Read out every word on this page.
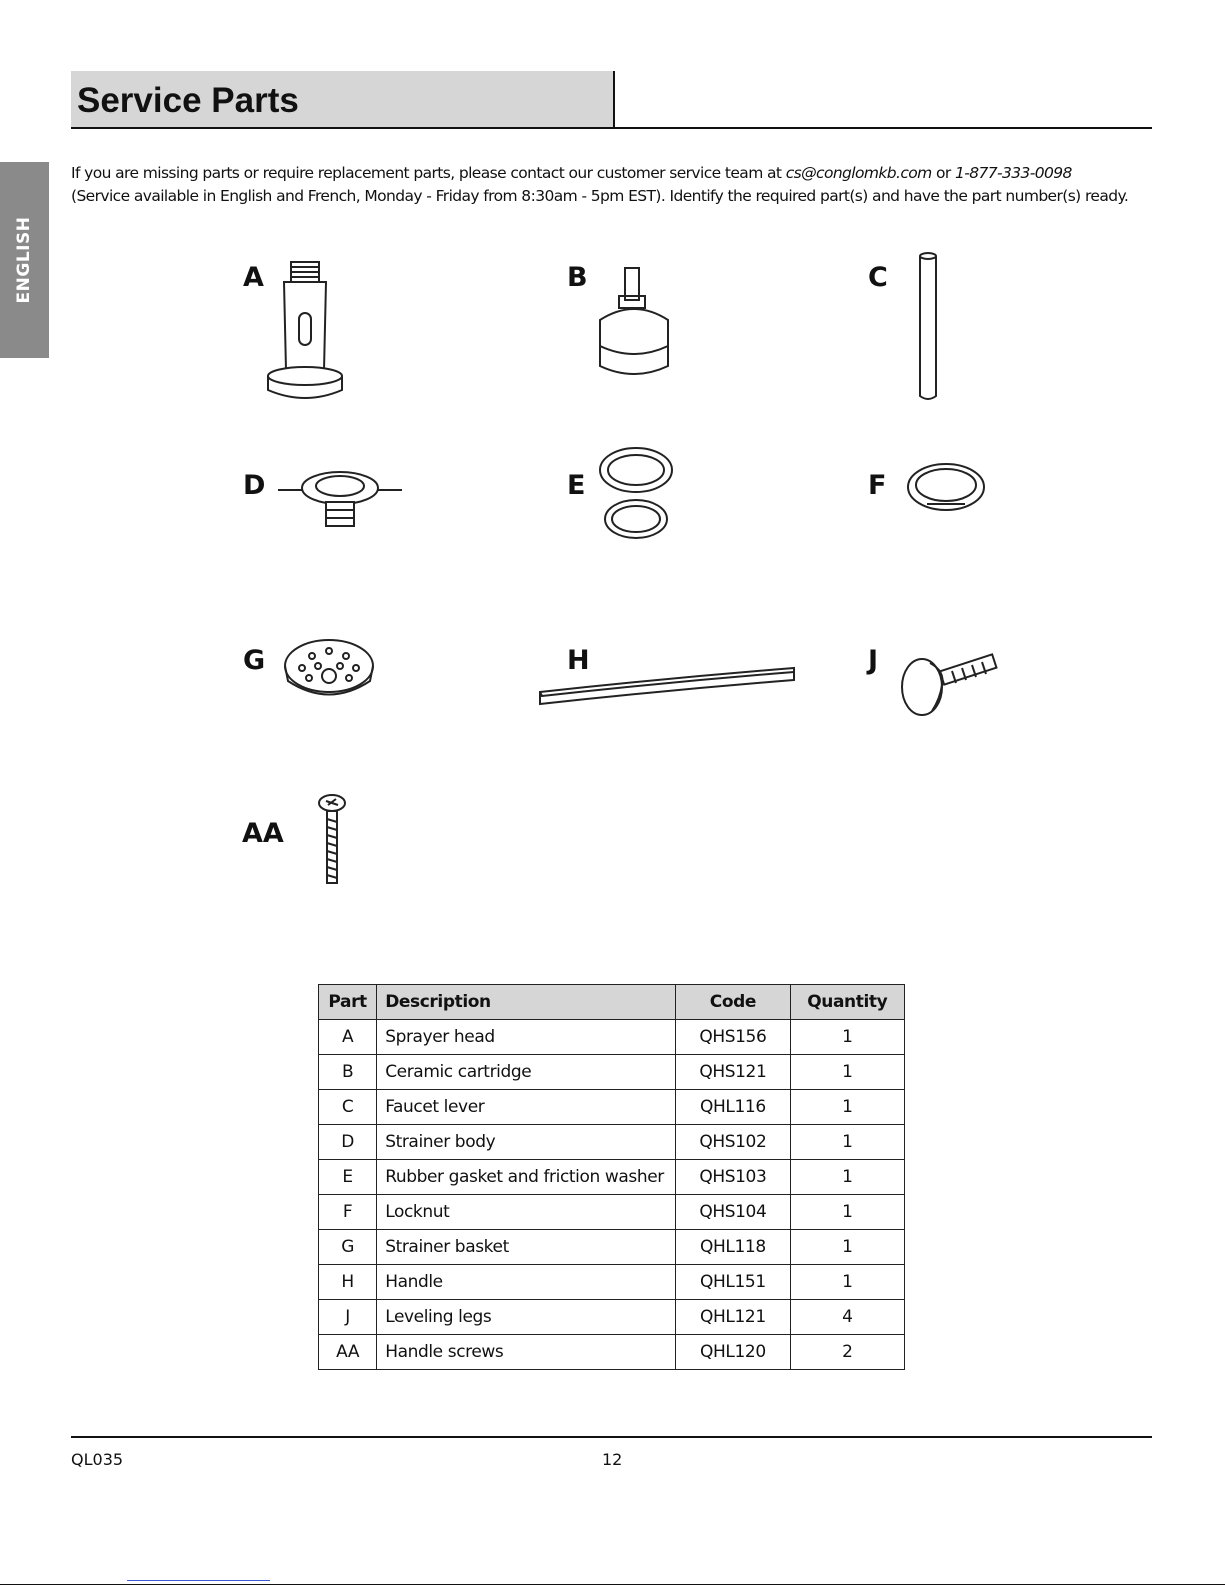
ENGLISH
Service Parts
If you are missing parts or require replacement parts, please contact our customer service team at cs@conglomkb.com or 1-877-333-0098
(Service available in English and French, Monday - Friday from 8:30am - 5pm EST). Identify the required part(s) and have the part number(s) ready.
A	B	C
D	E	F
G	H	J
AA
Part	Description	Code	Quantity
A	Sprayer head	QHS156	1
B	Ceramic cartridge	QHS121	1
C	Faucet lever	QHL116	1
D	Strainer body	QHS102	1
E	Rubber gasket and friction washer	QHS103	1
F	Locknut	QHS104	1
G	Strainer basket	QHL118	1
H	Handle	QHL151	1
J	Leveling legs	QHL121	4
AA	Handle screws	QHL120	2
QL035	12
